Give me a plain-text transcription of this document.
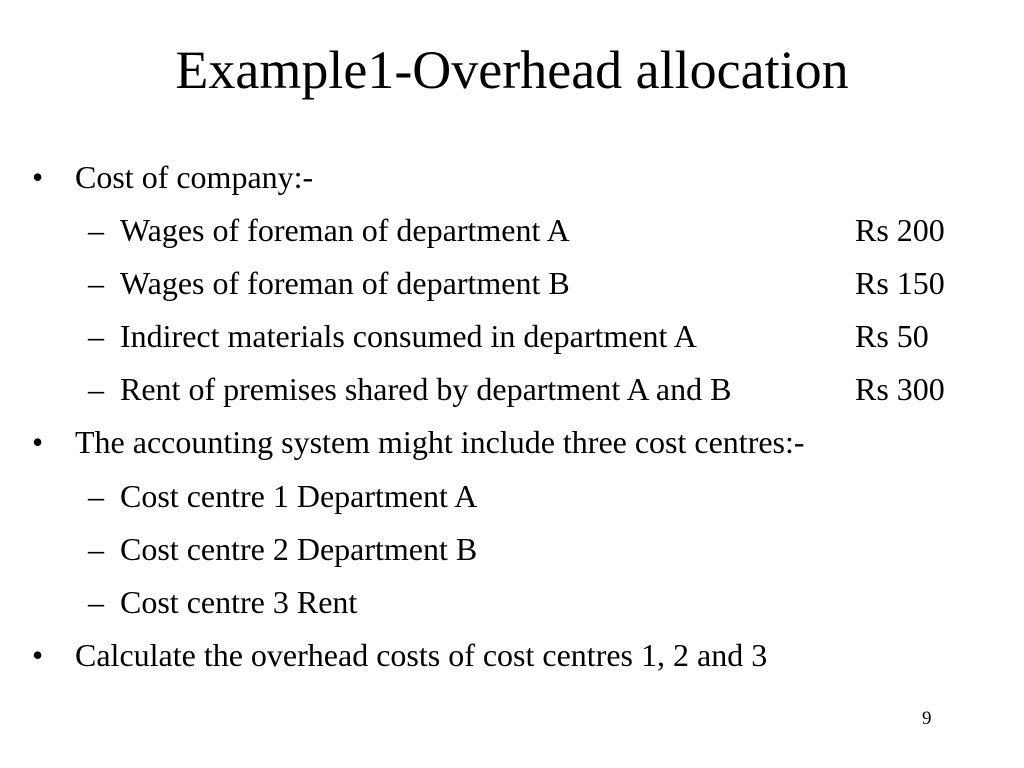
Example1-Overhead allocation
• Cost of company:-
– Wages of foreman of department A	Rs 200
– Wages of foreman of department B	Rs 150
– Indirect materials consumed in department A	Rs 50
– Rent of premises shared by department A and B	Rs 300
• The accounting system might include three cost centres:-
– Cost centre 1 Department A
– Cost centre 2 Department B
– Cost centre 3 Rent
• Calculate the overhead costs of cost centres 1, 2 and 3
9
